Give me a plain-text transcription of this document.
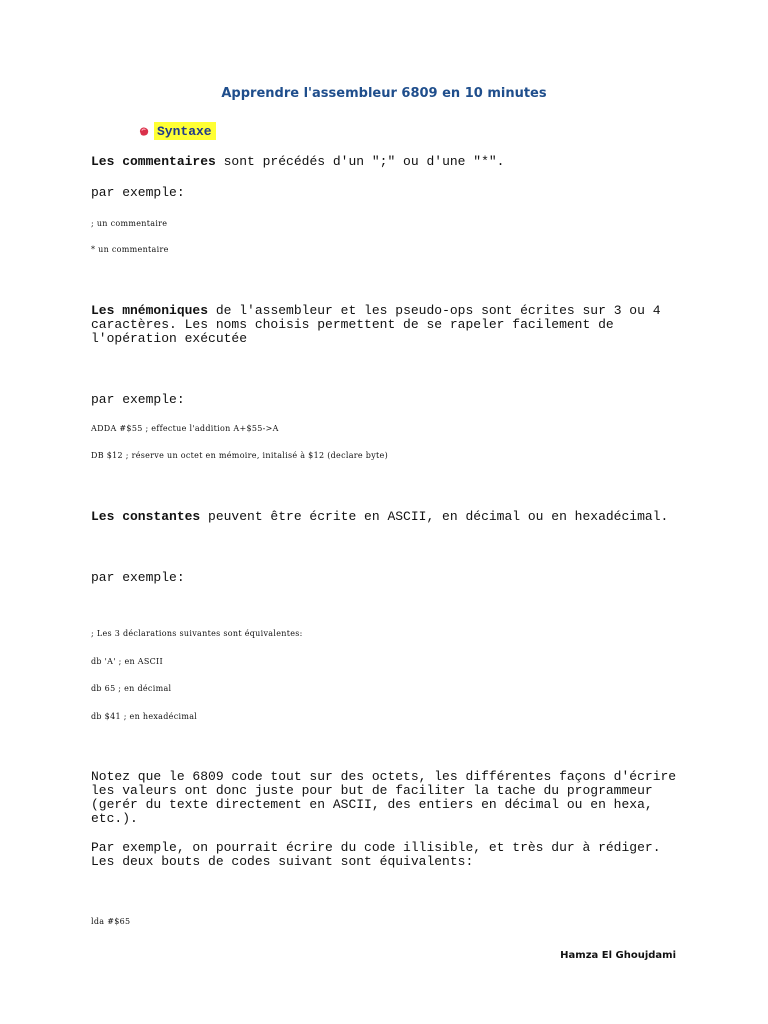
Apprendre l'assembleur 6809 en 10 minutes
Syntaxe
Les commentaires sont précédés d'un ";" ou d'une "*".
par exemple:
; un commentaire
* un commentaire
Les mnémoniques de l'assembleur et les pseudo-ops sont écrites sur 3 ou 4
caractères. Les noms choisis permettent de se rapeler facilement de
l'opération exécutée
par exemple:
ADDA #$55 ; effectue l'addition A+$55->A
DB $12 ; réserve un octet en mémoire, initalisé à $12 (declare byte)
Les constantes peuvent être écrite en ASCII, en décimal ou en hexadécimal.
par exemple:
; Les 3 déclarations suivantes sont équivalentes:
db 'A' ; en ASCII
db 65 ; en décimal
db $41 ; en hexadécimal
Notez que le 6809 code tout sur des octets, les différentes façons d'écrire
les valeurs ont donc juste pour but de faciliter la tache du programmeur
(gerér du texte directement en ASCII, des entiers en décimal ou en hexa,
etc.).
Par exemple, on pourrait écrire du code illisible, et très dur à rédiger.
Les deux bouts de codes suivant sont équivalents:
lda #$65
Hamza El Ghoujdami
